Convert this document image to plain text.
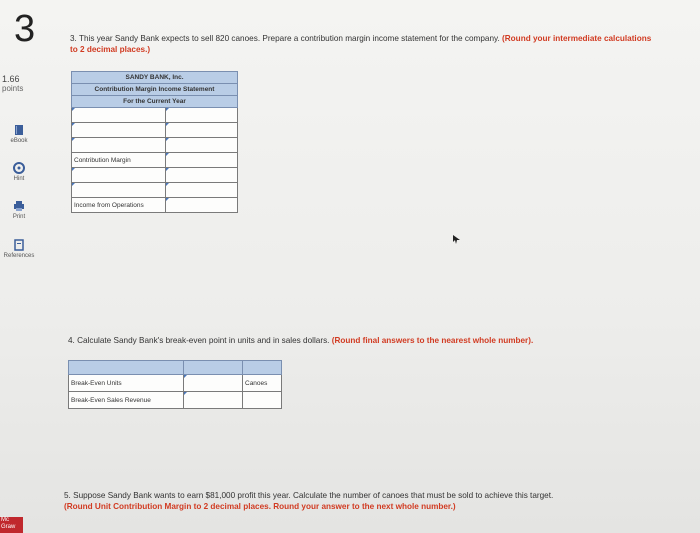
3
1.66
points
eBook
Hint
Print
References
Mc
Graw
3. This year Sandy Bank expects to sell 820 canoes. Prepare a contribution margin income statement for the company. (Round your intermediate calculations to 2 decimal places.)
SANDY BANK, Inc.	
Contribution Margin Income Statement	
For the Current Year	

Contribution Margin	

Income from Operations	
4. Calculate Sandy Bank's break-even point in units and in sales dollars. (Round final answers to the nearest whole number).

Break-Even Units		Canoes
Break-Even Sales Revenue		
5. Suppose Sandy Bank wants to earn $81,000 profit this year. Calculate the number of canoes that must be sold to achieve this target.
(Round Unit Contribution Margin to 2 decimal places. Round your answer to the next whole number.)
